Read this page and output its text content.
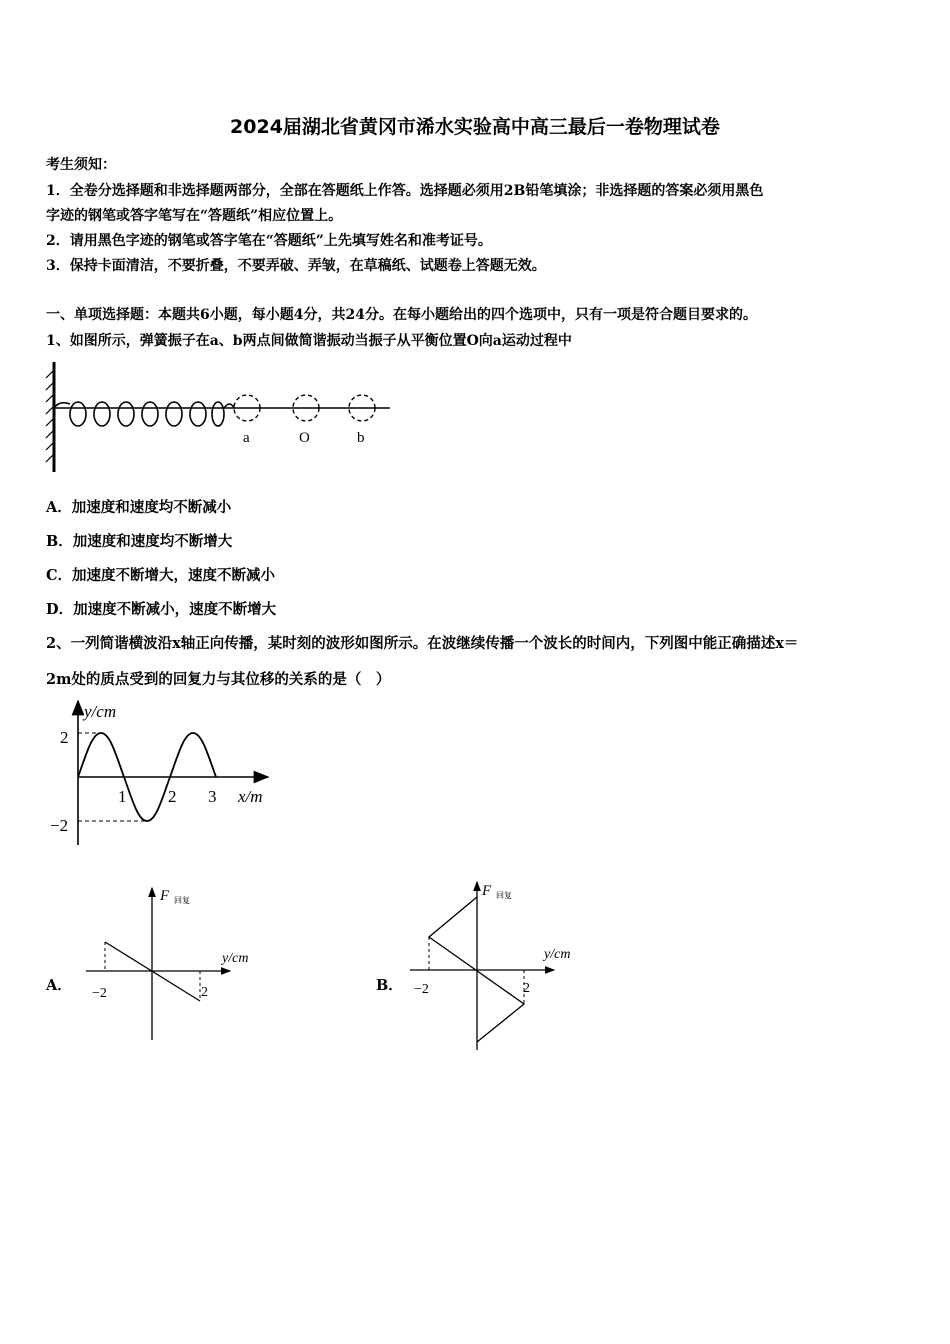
2024届湖北省黄冈市浠水实验高中高三最后一卷物理试卷
考生须知：
1．全卷分选择题和非选择题两部分，全部在答题纸上作答。选择题必须用2B铅笔填涂；非选择题的答案必须用黑色
字迹的钢笔或答字笔写在“答题纸”相应位置上。
2．请用黑色字迹的钢笔或答字笔在“答题纸”上先填写姓名和准考证号。
3．保持卡面清洁，不要折叠，不要弄破、弄皱，在草稿纸、试题卷上答题无效。
一、单项选择题：本题共6小题，每小题4分，共24分。在每小题给出的四个选项中，只有一项是符合题目要求的。
1、如图所示，弹簧振子在a、b两点间做简谐振动当振子从平衡位置O向a运动过程中
a	O	b
A．加速度和速度均不断减小
B．加速度和速度均不断增大
C．加速度不断增大，速度不断减小
D．加速度不断减小，速度不断增大
2、一列简谐横波沿x轴正向传播，某时刻的波形如图所示。在波继续传播一个波长的时间内，下列图中能正确描述x＝
2m处的质点受到的回复力与其位移的关系的是（　）
y/cm
2
−2
1 2 3 x/m
A．
F 回复
y/cm
−2	2	B．
F 回复
y/cm
−2	2
